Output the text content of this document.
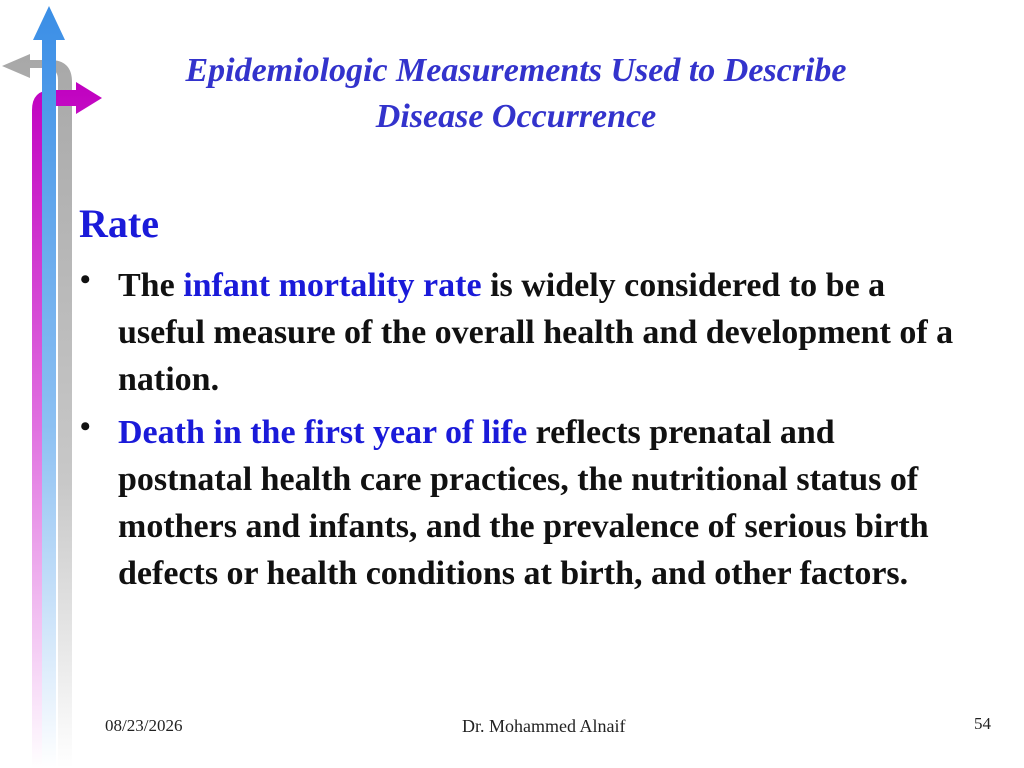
Epidemiologic Measurements Used to Describe
Disease Occurrence
Rate
• The infant mortality rate is widely considered to be a useful measure of the overall health and development of a nation.
• Death in the first year of life reflects prenatal and postnatal health care practices, the nutritional status of mothers and infants, and the prevalence of serious birth defects or health conditions at birth, and other factors.
08/23/2026	Dr. Mohammed Alnaif	54
